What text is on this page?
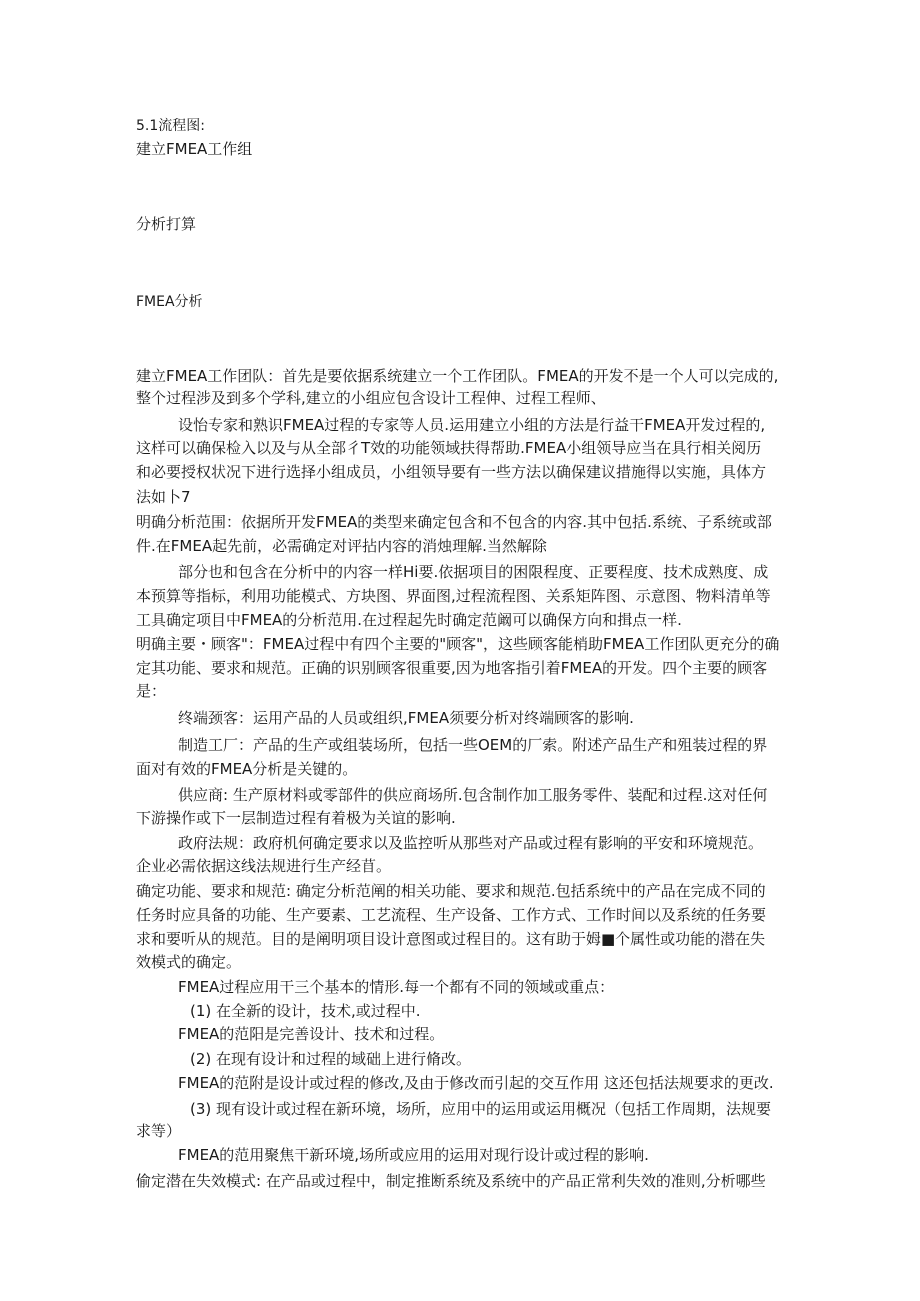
5.1流程图:
建立FMEA工作组
分析打算
FMEA分析
建立FMEA工作团队：首先是要依据系统建立一个工作团队。FMEA的开发不是一个人可以完成的,
整个过程涉及到多个学科,建立的小组应包含设计工程伸、过程工程师、
设怡专家和熟识FMEA过程的专家等人员.运用建立小组的方法是行益干FMEA开发过程的,
这样可以确保检入以及与从全部彳T效的功能领域扶得帮助.FMEA小组领导应当在具行相关阅历
和必要授权状况下进行选择小组成员，小组领导要有一些方法以确保建议措施得以实施，具体方
法如卜7
明确分析范围：依据所开发FMEA的类型来确定包含和不包含的内容.其中包括.系统、子系统或部
件.在FMEA起先前，必需确定对评拈内容的消烛理解.当然解除
部分也和包含在分析中的内容一样Hi要.依据项目的困限程度、正要程度、技术成熟度、成
本预算等指标，利用功能模式、方块图、界面图,过程流程图、关系矩阵图、示意图、物料清单等
工具确定项目中FMEA的分析范用.在过程起先时确定范阚可以确保方向和揖点一样.
明确主要・顾客"：FMEA过程中有四个主要的"顾客"，这些顾客能梢助FMEA工作团队更充分的确
定其功能、要求和规范。正确的识别顾客很重要,因为地客指引着FMEA的开发。四个主要的顾客
是：
终端颈客：运用产品的人员或组织,FMEA须要分析对终端顾客的影响.
制造工厂：产品的生产或组装场所，包括一些OEM的厂索。附述产品生产和殂装过程的界
面对有效的FMEA分析是关键的。
供应商: 生产原材料或零部件的供应商场所.包含制作加工服务零件、装配和过程.这对任何
下游操作或下一层制造过程有着极为关谊的影响.
政府法规：政府机何确定要求以及监控听从那些对产品或过程有影响的平安和环境规范。
企业必需依据这线法规进行生产经苜。
确定功能、要求和规范: 确定分析范阐的相关功能、要求和规范.包括系统中的产品在完成不同的
任务时应具备的功能、生产要素、工艺流程、生产设备、工作方式、工作时间以及系统的任务要
求和要听从的规范。目的是阐明项目设计意图或过程目的。这有助于姆■个属性或功能的潜在失
效模式的确定。
FMEA过程应用干三个基本的情形.每一个都有不同的领域或重点：
(1) 在全新的设计，技术,或过程中.
FMEA的范阳是完善设计、技术和过程。
(2) 在现有设计和过程的域础上进行脩改。
FMEA的范附是设计或过程的修改,及由于修改而引起的交互作用 这还包括法规要求的更改.
(3) 现有设计或过程在新环境，场所，应用中的运用或运用概况（包括工作周期，法规要
求等）
FMEA的范用聚焦干新环境,场所或应用的运用对现行设计或过程的影响.
偷定潜在失效模式: 在产品或过程中，制定推断系统及系统中的产品正常利失效的准则,分析哪些
